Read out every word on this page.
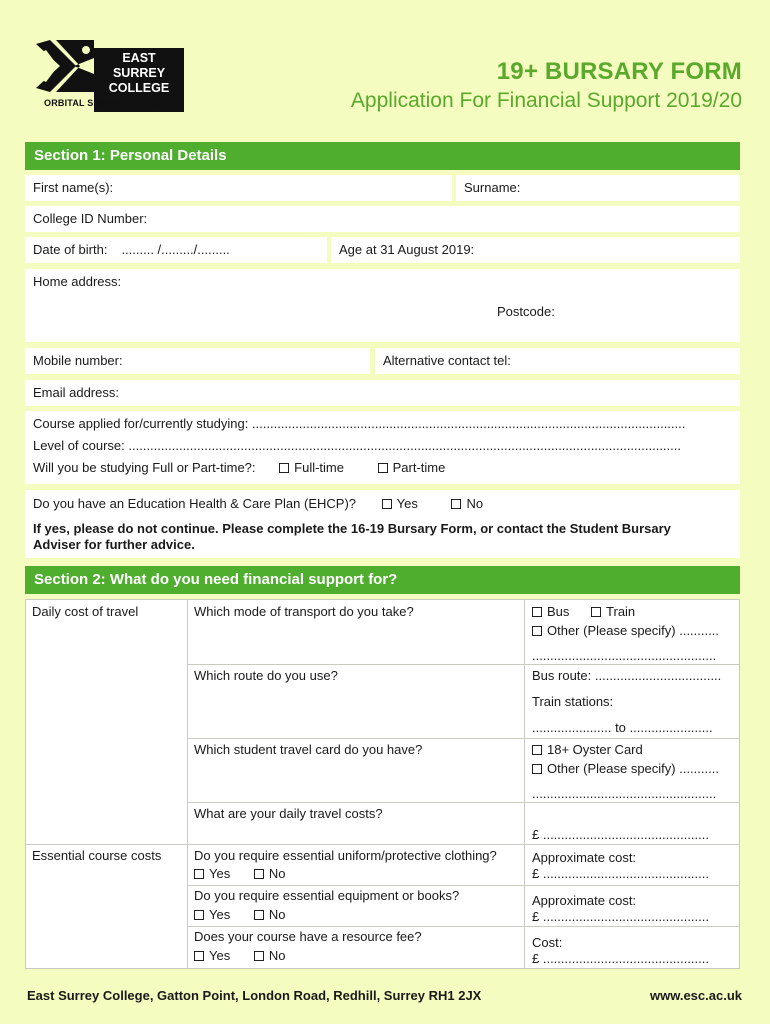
EAST
SURREY
COLLEGE
ORBITAL SOUTH COLLEGES
19+ BURSARY FORM
Application For Financial Support 2019/20
Section 1: Personal Details
First name(s):	Surname:
College ID Number:
Date of birth: ......... /........./.........	Age at 31 August 2019:
Home address:
Postcode:
Mobile number:	Alternative contact tel:
Email address:
Course applied for/currently studying: ........................................................................................................................
Level of course: .........................................................................................................................................................
Will you be studying Full or Part-time?:	Full-time	Part-time
Do you have an Education Health & Care Plan (EHCP)?	Yes	No
If yes, please do not continue. Please complete the 16-19 Bursary Form, or contact the Student Bursary
Adviser for further advice.
Section 2: What do you need financial support for?
Daily cost of travel	Which mode of transport do you take?	Bus	Train
Other (Please specify) ...........
...................................................
Which route do you use?	Bus route: ...................................
Train stations:
...................... to .......................
Which student travel card do you have?	18+ Oyster Card
Other (Please specify) ...........
...................................................
What are your daily travel costs?
£ ..............................................
Essential course costs	Do you require essential uniform/protective clothing?
Yes	No
Approximate cost:
£ ..............................................
Do you require essential equipment or books?
Yes	No
Approximate cost:
£ ..............................................
Does your course have a resource fee?
Yes	No
Cost:
£ ..............................................
East Surrey College, Gatton Point, London Road, Redhill, Surrey RH1 2JX	www.esc.ac.uk
